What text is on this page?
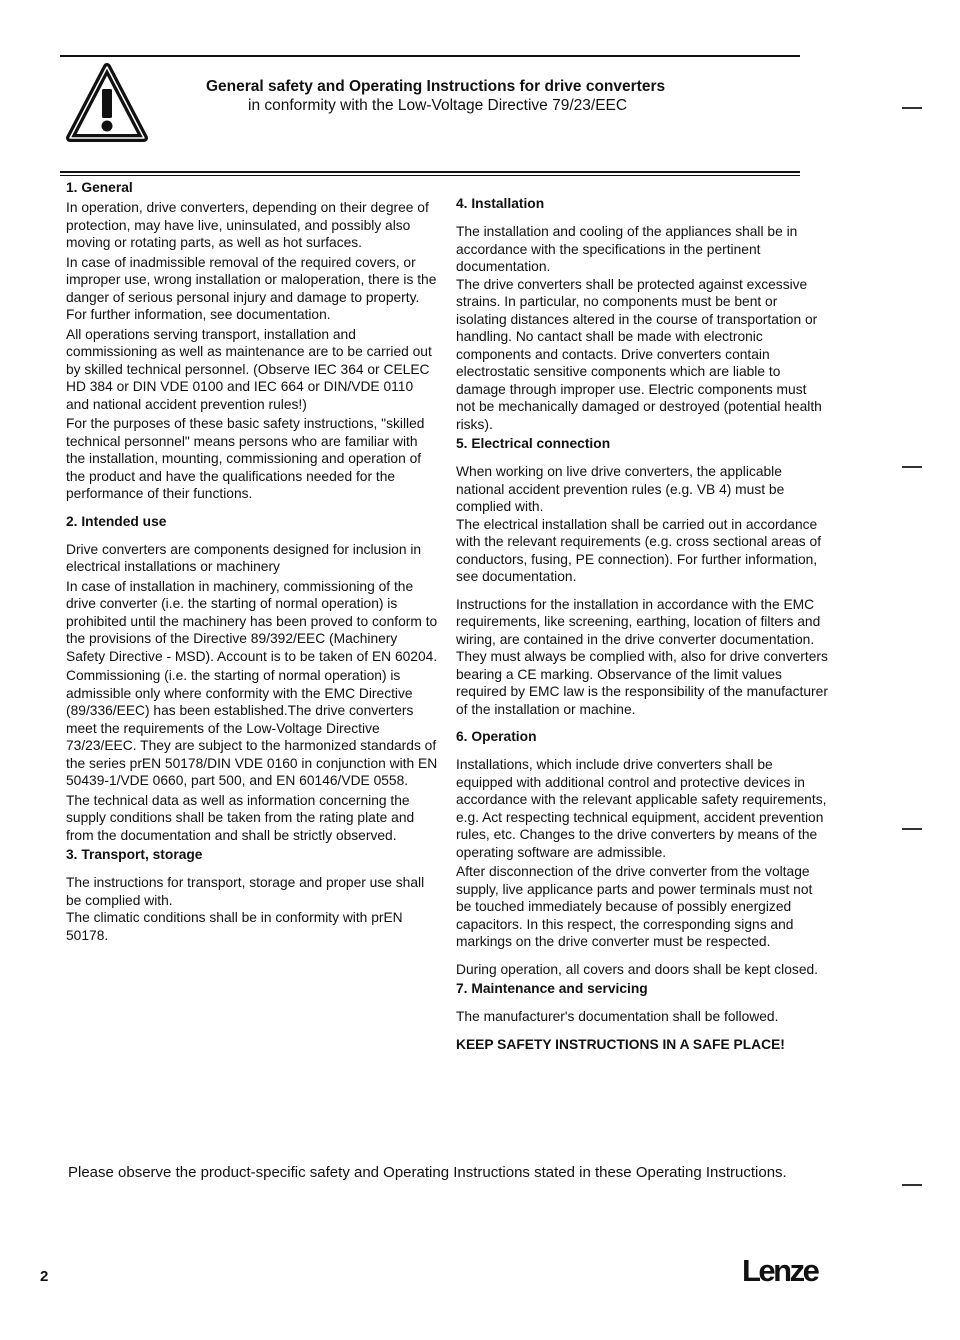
General safety and Operating Instructions for drive converters
in conformity with the Low-Voltage Directive 79/23/EEC
1. General

In operation, drive converters, depending on their degree of protection, may have live, uninsulated, and possibly also moving or rotating parts, as well as hot surfaces.

In case of inadmissible removal of the required covers, or improper use, wrong installation or maloperation, there is the danger of serious personal injury and damage to property. For further information, see documentation.

All operations serving transport, installation and commissioning as well as maintenance are to be carried out by skilled technical personnel. (Observe IEC 364 or CELEC HD 384 or DIN VDE 0100 and IEC 664 or DIN/VDE 0110 and national accident prevention rules!)

For the purposes of these basic safety instructions, "skilled technical personnel" means persons who are familiar with the installation, mounting, commissioning and operation of the product and have the qualifications needed for the performance of their functions.

2. Intended use

Drive converters are components designed for inclusion in electrical installations or machinery

In case of installation in machinery, commissioning of the drive converter (i.e. the starting of normal operation) is prohibited until the machinery has been proved to conform to the provisions of the Directive 89/392/EEC (Machinery Safety Directive - MSD). Account is to be taken of EN 60204.

Commissioning (i.e. the starting of normal operation) is admissible only where conformity with the EMC Directive (89/336/EEC) has been established.The drive converters meet the requirements of the Low-Voltage Directive 73/23/EEC. They are subject to the harmonized standards of the series prEN 50178/DIN VDE 0160 in conjunction with EN 50439-1/VDE 0660, part 500, and EN 60146/VDE 0558.

The technical data as well as information concerning the supply conditions shall be taken from the rating plate and from the documentation and shall be strictly observed.

3. Transport, storage

The instructions for transport, storage and proper use shall be complied with.

The climatic conditions shall be in conformity with prEN 50178.

4. Installation

The installation and cooling of the appliances shall be in accordance with the specifications in the pertinent documentation.

The drive converters shall be protected against excessive strains. In particular, no components must be bent or isolating distances altered in the course of transportation or handling. No cantact shall be made with electronic components and contacts. Drive converters contain electrostatic sensitive components which are liable to damage through improper use. Electric components must not be mechanically damaged or destroyed (potential health risks).

5. Electrical connection

When working on live drive converters, the applicable national accident prevention rules (e.g. VB 4) must be complied with.

The electrical installation shall be carried out in accordance with the relevant requirements (e.g. cross sectional areas of conductors, fusing, PE connection). For further information, see documentation.

Instructions for the installation in accordance with the EMC requirements, like screening, earthing, location of filters and wiring, are contained in the drive converter documentation. They must always be complied with, also for drive converters bearing a CE marking. Observance of the limit values required by EMC law is the responsibility of the manufacturer of the installation or machine.

6. Operation

Installations, which include drive converters shall be equipped with additional control and protective devices in accordance with the relevant applicable safety requirements, e.g. Act respecting technical equipment, accident prevention rules, etc. Changes to the drive converters by means of the operating software are admissible.

After disconnection of the drive converter from the voltage supply, live applicance parts and power terminals must not be touched immediately because of possibly energized capacitors. In this respect, the corresponding signs and markings on the drive converter must be respected.

During operation, all covers and doors shall be kept closed.

7. Maintenance and servicing

The manufacturer's documentation shall be followed.

KEEP SAFETY INSTRUCTIONS IN A SAFE PLACE!

Please observe the product-specific safety and Operating Instructions stated in these Operating Instructions.
2	Lenze
